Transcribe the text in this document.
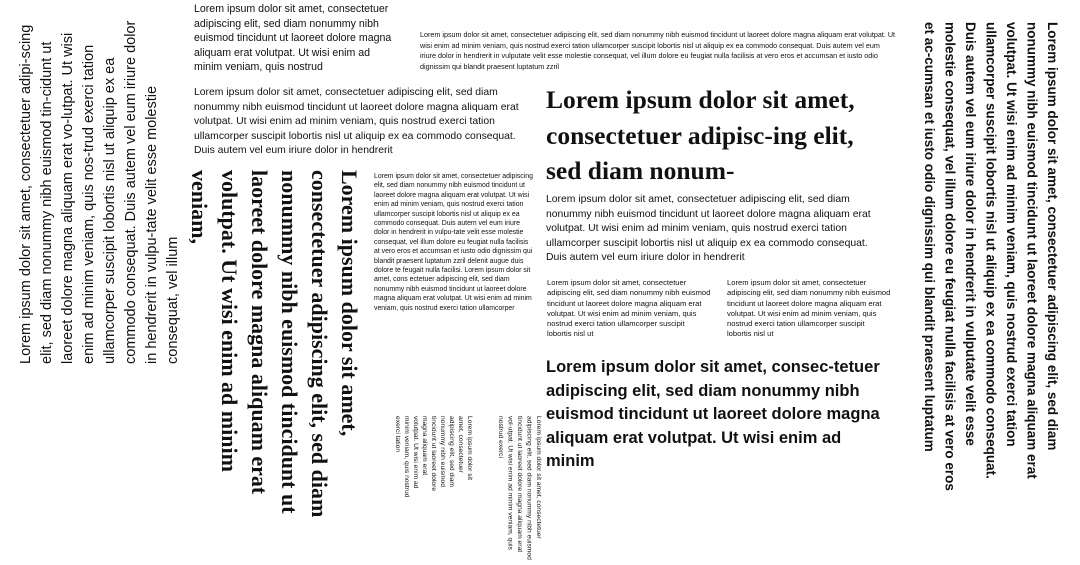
Lorem ipsum dolor sit amet, consectetuer adipi-scing elit, sed diam nonummy nibh euismod tin-cidunt ut laoreet dolore magna aliquam erat vo-lutpat. Ut wisi enim ad minim veniam, quis nos-trud exerci tation ullamcorper suscipit lobortis nisl ut aliquip ex ea commodo consequat. Duis autem vel eum iriure dolor in hendrerit in vulpu-tate velit esse molestie consequat, vel illum

Lorem ipsum dolor sit amet, consectetuer adipiscing elit, sed diam nonummy nibh euismod tincidunt ut laoreet dolore magna aliquam erat volutpat. Ut wisi enim ad minim veniam, quis nostrud

Lorem ipsum dolor sit amet, consectetuer adipiscing elit, sed diam nonummy nibh euismod tincidunt ut laoreet dolore magna aliquam erat volutpat. Ut wisi enim ad minim veniam, quis nostrud exerci tation ullamcorper suscipit lobortis nisl ut aliquip ex ea commodo consequat. Duis autem vel eum iriure dolor in hendrerit in vulputate velit esse molestie consequat, vel illum dolore eu feugiat nulla facilisis at vero eros et accumsan et iusto odio dignissim qui blandit praesent luptatum zzril

Lorem ipsum dolor sit amet, consectetuer adipiscing elit, sed diam nonummy nibh euismod tincidunt ut laoreet dolore magna aliquam erat volutpat. Ut wisi enim ad minim veniam, quis nostrud exerci tation ullamcorper suscipit lobortis nisl ut aliquip ex ea commodo consequat. Duis autem vel eum iriure dolor in hendrerit

Lorem ipsum dolor sit amet, consectetuer adipiscing elit, sed diam nonummy nibh euismod tincidunt ut laoreet dolore magna aliquam erat volutpat. Ut wisi enim ad minim veniam,	Lorem ipsum dolor sit amet, consectetuer adipiscing elit, sed diam nonummy nibh euismod tincidunt ut laoreet dolore magna aliquam erat volutpat. Ut wisi enim ad minim veniam, quis nostrud exerci tation ullamcorper suscipit lobortis nisl ut aliquip ex ea commodo consequat. Duis autem vel eum iriure dolor in hendrerit in vulpu-tate velit esse molestie consequat, vel illum dolore eu feugiat nulla facilisis at vero eros et accumsan et iusto odio dignissim qui blandit praesent luptatum zzril delenit augue duis dolore te feugait nulla facilisi. Lorem ipsum dolor sit amet, cons ectetuer adipiscing elit, sed diam nonummy nibh euismod tincidunt ut laoreet dolore magna aliquam erat volutpat. Ut wisi enim ad minim veniam, quis nostrud exerci tation ullamcorper

Lorem ipsum dolor sit amet, consectetuer adipiscing elit, sed diam nonummy nibh euismod tincidunt ut laoreet dolore magna aliquam erat volutpat. Ut wisi enim ad minim veniam, quis nostrud exerci tation	Lorem ipsum dolor sit amet, consectetuer adipiscing elit, sed diam nonummy nibh euismod tincidunt ut laoreet dolore magna aliquam erat vol-utpat. Ut wisi enim ad minim veniam, quis nostrud exerci

Lorem ipsum dolor sit amet, consectetuer adipisc-ing elit, sed diam nonum-

Lorem ipsum dolor sit amet, consectetuer adipiscing elit, sed diam nonummy nibh euismod tincidunt ut laoreet dolore magna aliquam erat volutpat. Ut wisi enim ad minim veniam, quis nostrud exerci tation ullamcorper suscipit lobortis nisl ut aliquip ex ea commodo consequat. Duis autem vel eum iriure dolor in hendrerit

Lorem ipsum dolor sit amet, consectetuer adipiscing elit, sed diam nonummy nibh euismod tincidunt ut laoreet dolore magna aliquam erat volutpat. Ut wisi enim ad minim veniam, quis nostrud exerci tation ullamcorper suscipit lobortis nisl ut

Lorem ipsum dolor sit amet, consectetuer adipiscing elit, sed diam nonummy nibh euismod tincidunt ut laoreet dolore magna aliquam erat volutpat. Ut wisi enim ad minim veniam, quis nostrud exerci tation ullamcorper suscipit lobortis nisl ut

Lorem ipsum dolor sit amet, consec-tetuer adipiscing elit, sed diam nonummy nibh euismod tincidunt ut laoreet dolore magna aliquam erat volutpat. Ut wisi enim ad minim

Lorem ipsum dolor sit amet, consectetuer adipiscing elit, sed diam nonummy nibh euismod tincidunt ut laoreet dolore magna aliquam erat volutpat. Ut wisi enim ad minim veniam, quis nostrud exerci tation ullamcorper suscipit lobortis nisl ut aliquip ex ea commodo consequat. Duis autem vel eum iriure dolor in hendrerit in vulputate velit esse molestie consequat, vel illum dolore eu feugiat nulla facilisis at vero eros et ac-cumsan et iusto odio dignissim qui blandit praesent luptatum
